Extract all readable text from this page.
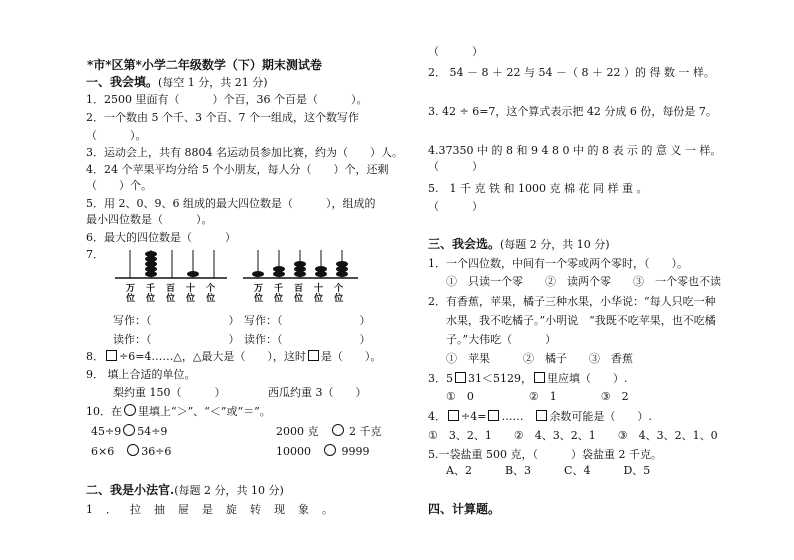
*市*区第*小学二年级数学（下）期末测试卷
一、我会填。(每空 1 分，共 21 分)
1．2500 里面有（　　　）个百，36 个百是（　　　）。
2．一个数由 5 个千、3 个百、7 个一组成，这个数写作
（　　　）。
3．运动会上，共有 8804 名运动员参加比赛，约为（　　）人。
4．24 个苹果平均分给 5 个小朋友，每人分（　　）个，还剩
（　　）个。
5．用 2、0、9、6 组成的最大四位数是（　　　），组成的
最小四位数是（　　　）。
6．最大的四位数是（　　　）
7．
万
位
千
位
百
位
十
位
个
位
万
位
千
位
百
位
十
位
个
位
写作：（　　　　　　　） 写作：（　　　　　　　）
读作：（　　　　　　　） 读作：（　　　　　　　）
8． ÷6=4……△，△最大是（　　），这时 是（　　）。
9． 填上合适的单位。
梨约重 150（　　　）	西瓜约重 3（　　）
10．在 里填上“＞”、“＜”或“＝”。
45÷9 54÷9	2000 克　	2 千克
6×6　 36÷6	10000　	9999
二、我是小法官.(每题 2 分，共 10 分)
1．拉抽屉是旋转现象。
（　　　）
2． 54 － 8 ＋ 22 与 54 －（ 8 ＋ 22 ）的 得 数 一 样。
3. 42 ÷ 6=7，这个算式表示把 42 分成 6 份，每份是 7。
4.37350 中 的 8 和 9 4 8 0 中 的 8 表 示 的 意 义 一 样。
（　　　）
5.　1 千 克 铁 和 1000 克 棉 花 同 样 重 。
（　　　）
三、我会选。(每题 2 分，共 10 分)
1．一个四位数，中间有一个零或两个零时，（　　）。
①　只读一个零　　②　读两个零　　③　一个零也不读
2．有香蕉，苹果，橘子三种水果，小华说：“每人只吃一种
水果，我不吃橘子。”小明说　“我既不吃苹果，也不吃橘
子。”大伟吃（　　　）
①　苹果　　　②　橘子　　③　香蕉
3．5 31＜5129， 里应填（　　）.
①　0　　　　　②　1　　　　③　2
4． ÷4= ……　 余数可能是（　　）.
①　3、2、1　　②　4、3、2、1　　③　4、3、2、1、0
5.一袋盐重 500 克，（　　　）袋盐重 2 千克。
A、2　　　B、3　　　C、4　　　D、5
四、计算题。
